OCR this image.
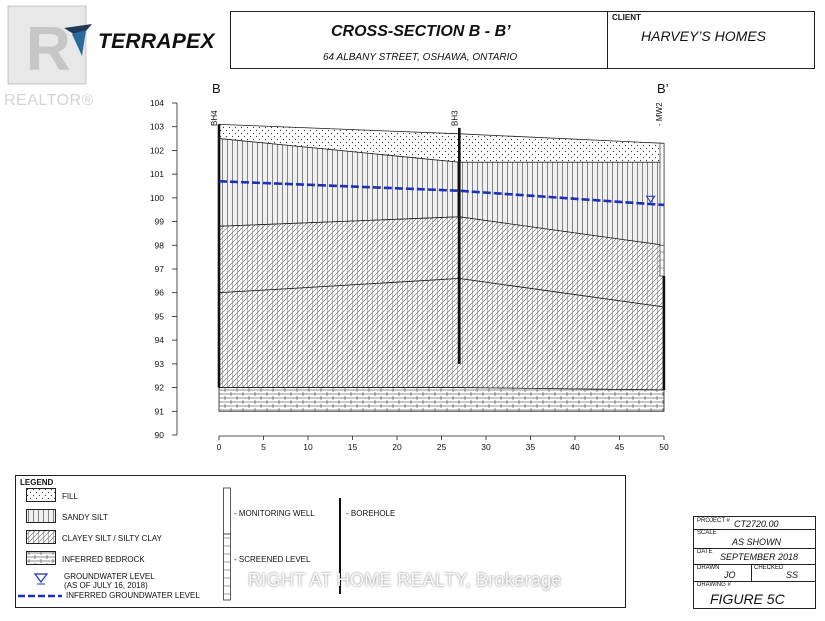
R
REALTOR®
TERRAPEX	CROSS-SECTION B - B’
64 ALBANY STREET, OSHAWA, ONTARIO
CLIENT
HARVEY’S HOMES
104
103
102
101
100
99
98
97
96
95
94
93
92
91
90
0	5	10	15	20	25	30	35	40	45	50
BH4	BH3	- MW2
B	B’
LEGEND
FILL
SANDY SILT
CLAYEY SILT / SILTY CLAY
INFERRED BEDROCK
GROUNDWATER LEVEL
(AS OF JULY 16, 2018)
INFERRED GROUNDWATER LEVEL
- MONITORING WELL
- SCREENED LEVEL
- BOREHOLE
PROJECT # CT2720.00
SCALE
AS SHOWN
DATE SEPTEMBER 2018
DRAWN
JO
CHECKED
SS
DRAWING #
FIGURE 5C
RIGHT AT HOME REALTY, Brokerage
